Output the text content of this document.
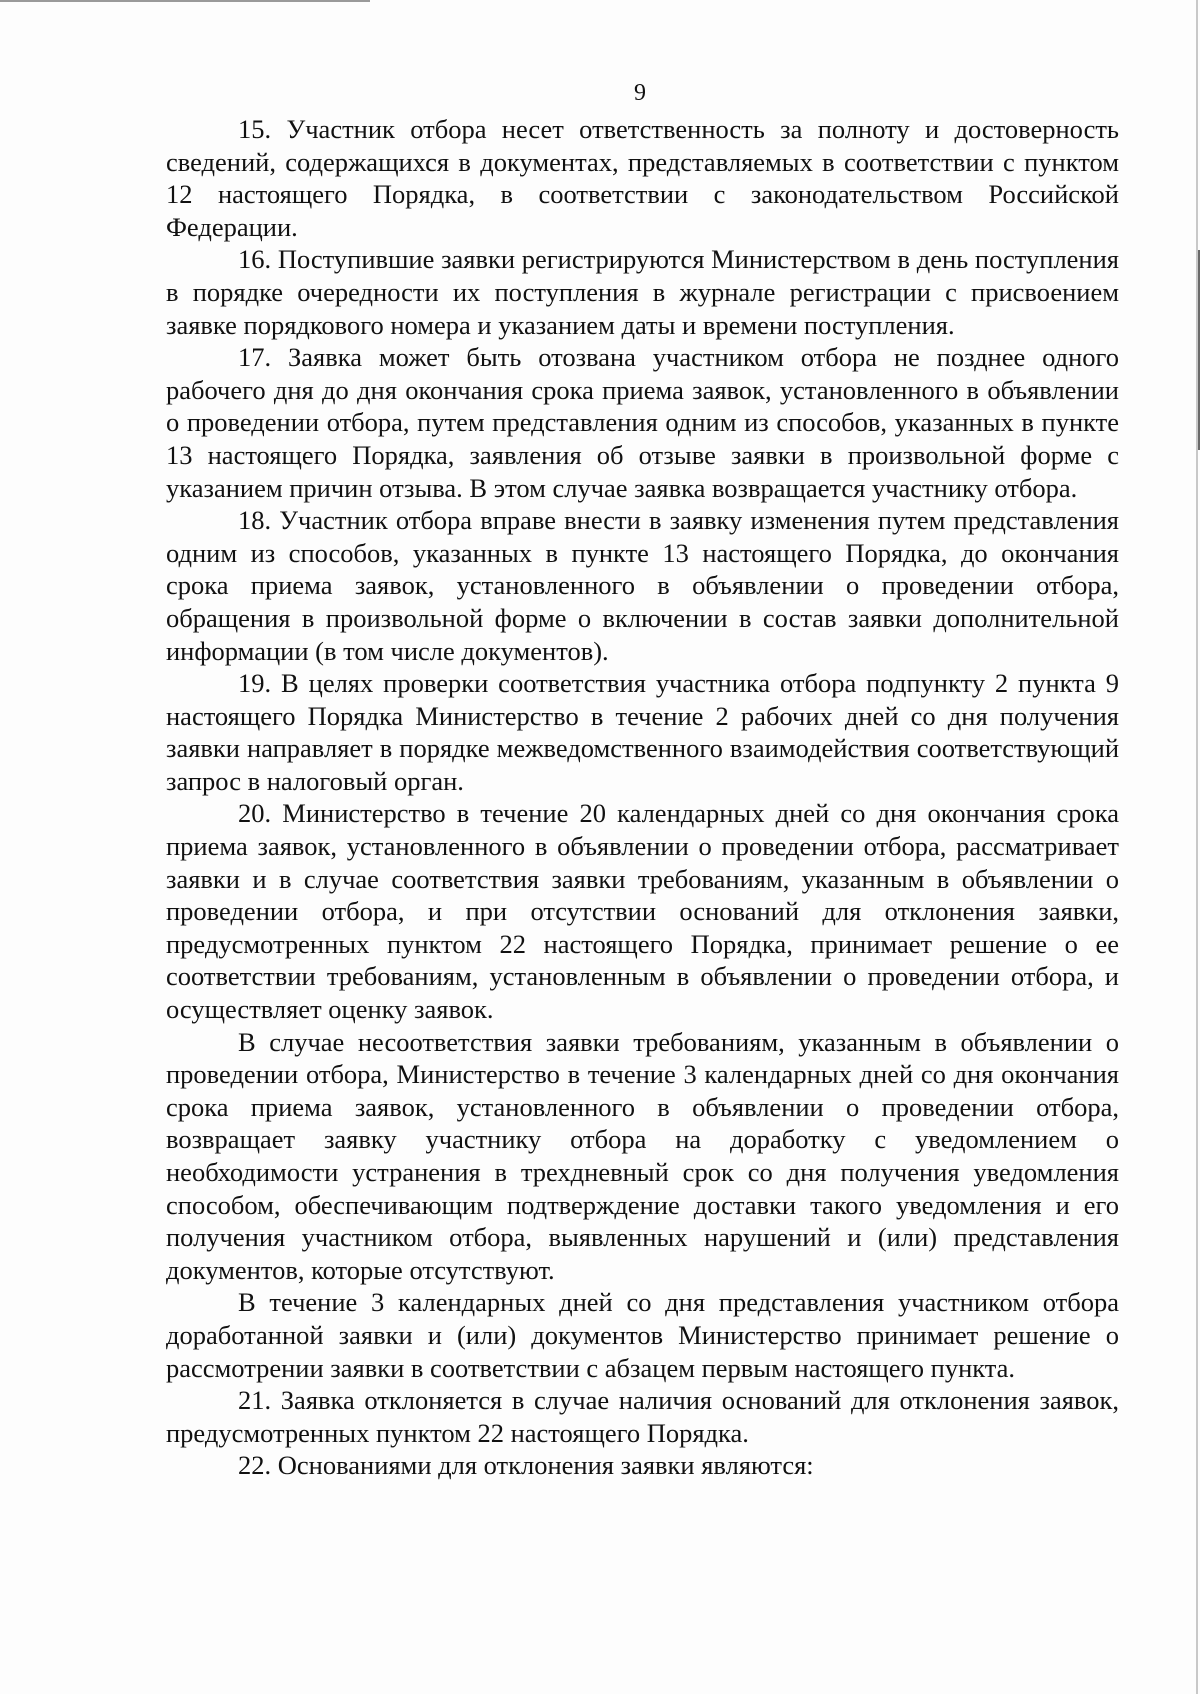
9

15. Участник отбора несет ответственность за полноту и достоверность сведений, содержащихся в документах, представляемых в соответствии с пунктом 12 настоящего Порядка, в соответствии с законодательством Российской Федерации.

16. Поступившие заявки регистрируются Министерством в день поступления в порядке очередности их поступления в журнале регистрации с присвоением заявке порядкового номера и указанием даты и времени поступления.

17. Заявка может быть отозвана участником отбора не позднее одного рабочего дня до дня окончания срока приема заявок, установленного в объявлении о проведении отбора, путем представления одним из способов, указанных в пункте 13 настоящего Порядка, заявления об отзыве заявки в произвольной форме с указанием причин отзыва. В этом случае заявка возвращается участнику отбора.

18. Участник отбора вправе внести в заявку изменения путем представления одним из способов, указанных в пункте 13 настоящего Порядка, до окончания срока приема заявок, установленного в объявлении о проведении отбора, обращения в произвольной форме о включении в состав заявки дополнительной информации (в том числе документов).

19. В целях проверки соответствия участника отбора подпункту 2 пункта 9 настоящего Порядка Министерство в течение 2 рабочих дней со дня получения заявки направляет в порядке межведомственного взаимодействия соответствующий запрос в налоговый орган.

20. Министерство в течение 20 календарных дней со дня окончания срока приема заявок, установленного в объявлении о проведении отбора, рассматривает заявки и в случае соответствия заявки требованиям, указанным в объявлении о проведении отбора, и при отсутствии оснований для отклонения заявки, предусмотренных пунктом 22 настоящего Порядка, принимает решение о ее соответствии требованиям, установленным в объявлении о проведении отбора, и осуществляет оценку заявок.

В случае несоответствия заявки требованиям, указанным в объявлении о проведении отбора, Министерство в течение 3 календарных дней со дня окончания срока приема заявок, установленного в объявлении о проведении отбора, возвращает заявку участнику отбора на доработку с уведомлением о необходимости устранения в трехдневный срок со дня получения уведомления способом, обеспечивающим подтверждение доставки такого уведомления и его получения участником отбора, выявленных нарушений и (или) представления документов, которые отсутствуют.

В течение 3 календарных дней со дня представления участником отбора доработанной заявки и (или) документов Министерство принимает решение о рассмотрении заявки в соответствии с абзацем первым настоящего пункта.

21. Заявка отклоняется в случае наличия оснований для отклонения заявок, предусмотренных пунктом 22 настоящего Порядка.

22. Основаниями для отклонения заявки являются:
